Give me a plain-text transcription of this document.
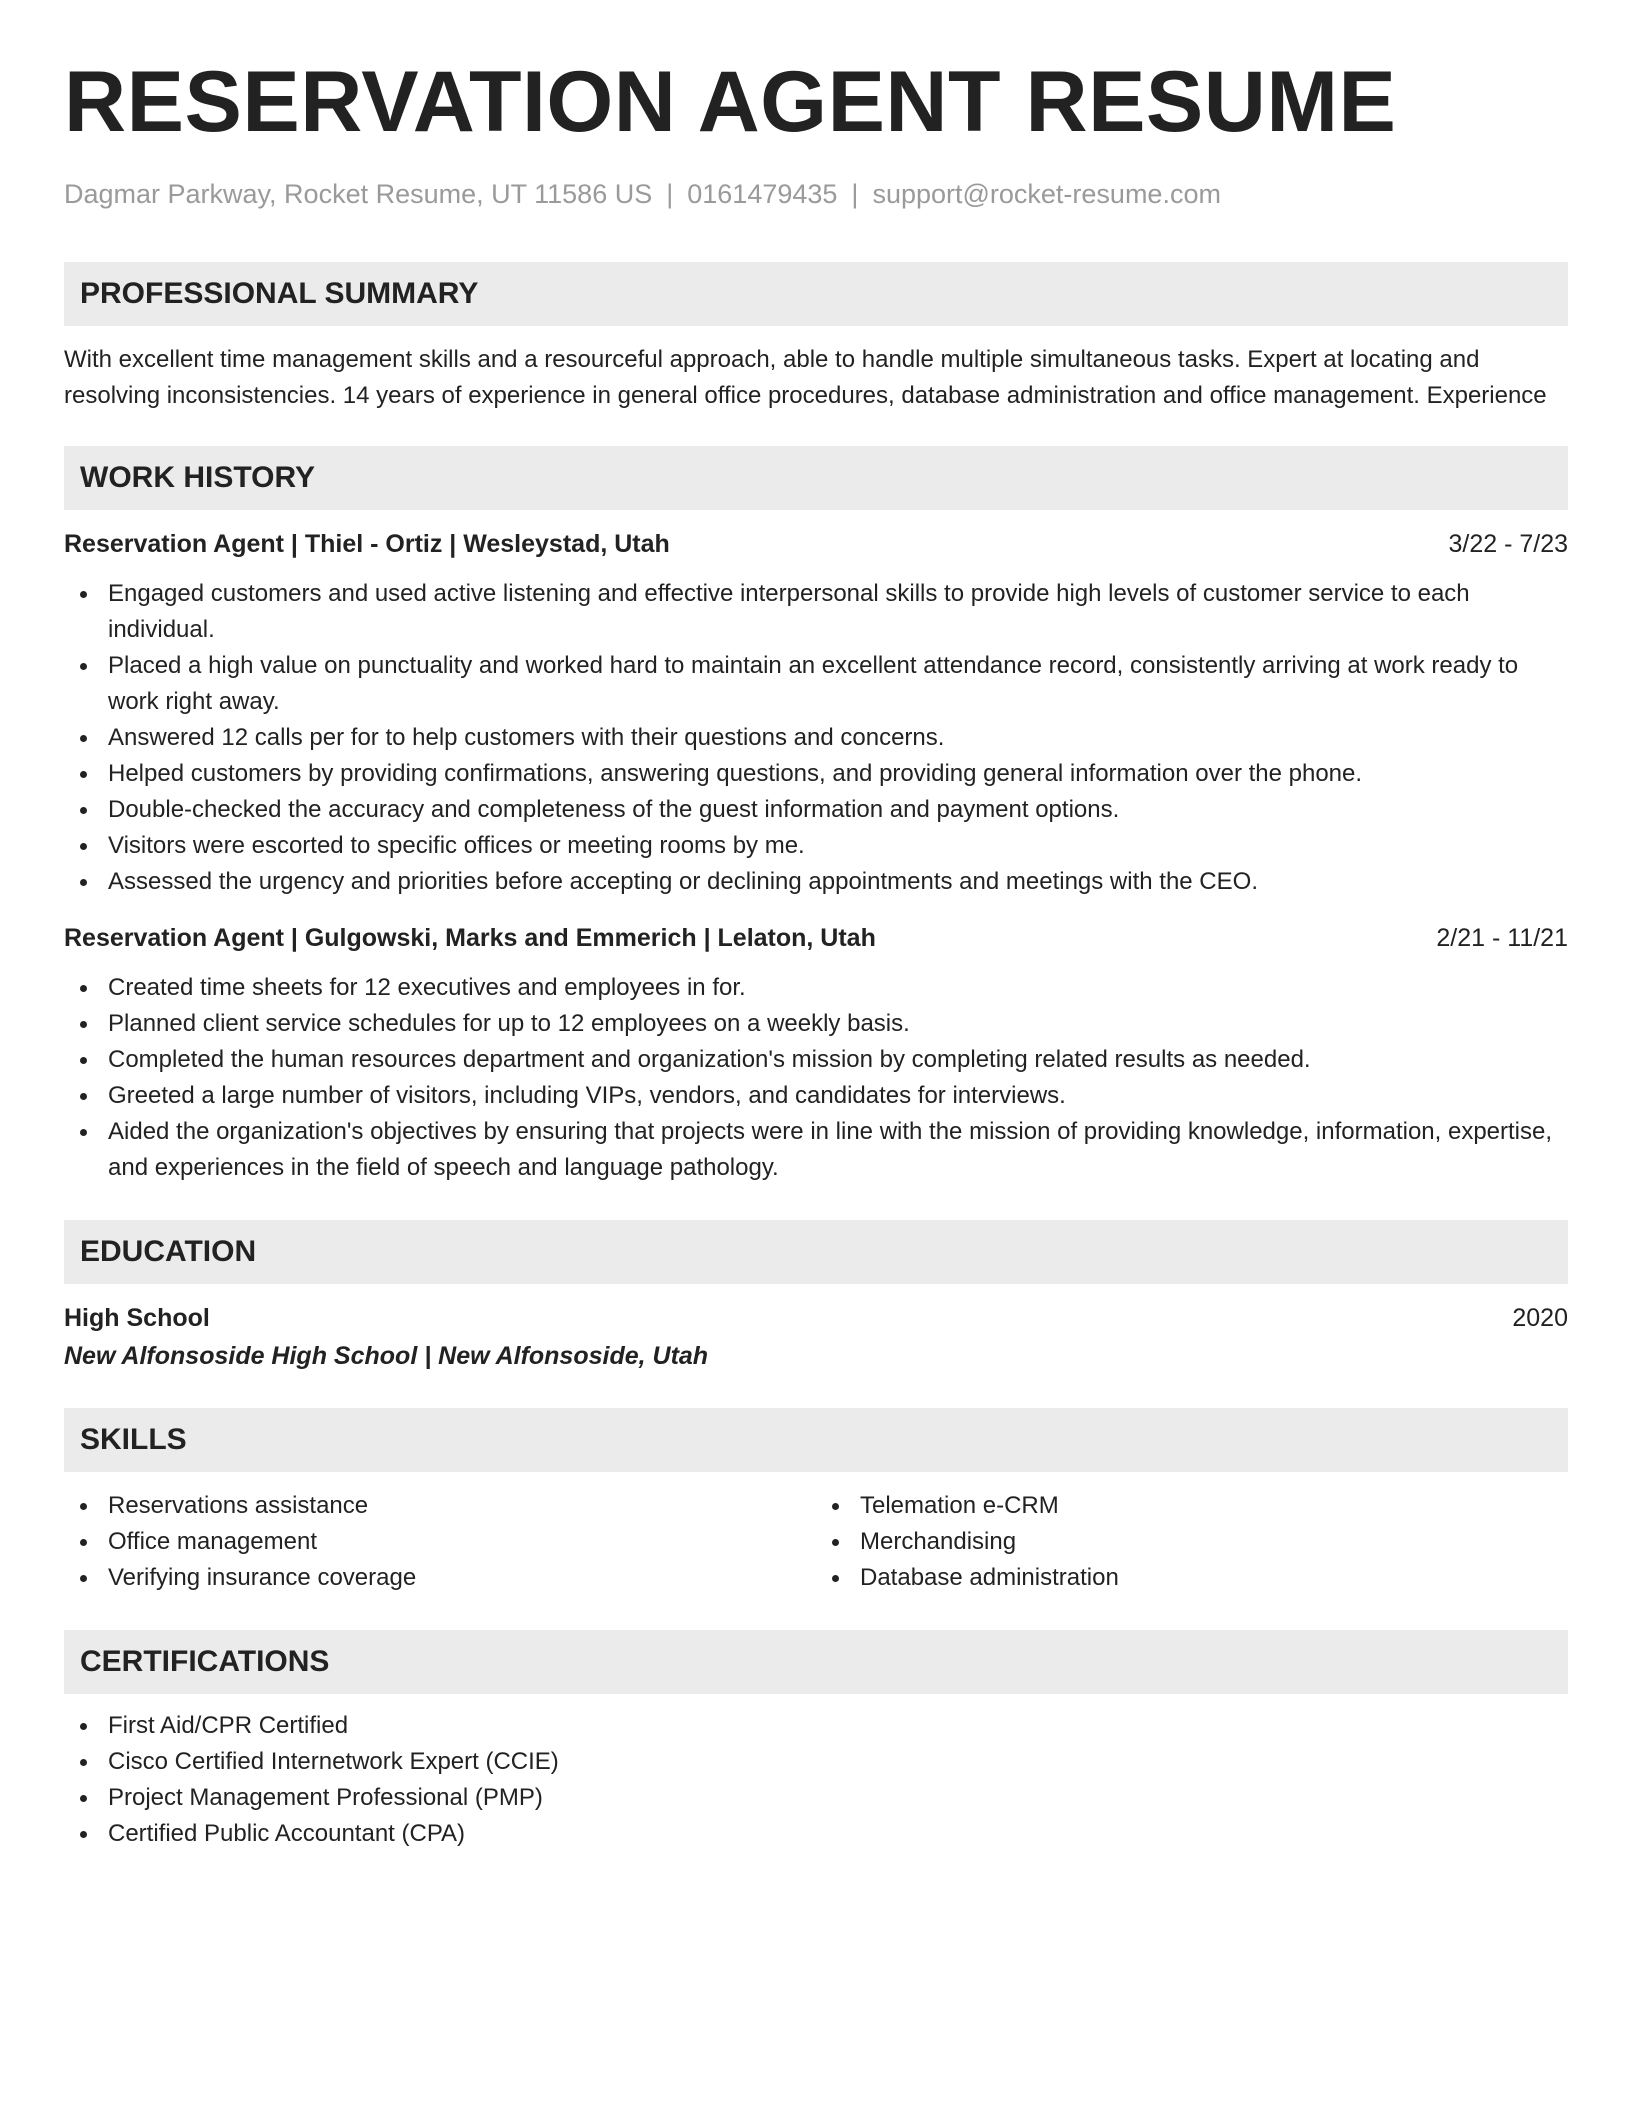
RESERVATION AGENT RESUME
Dagmar Parkway, Rocket Resume, UT 11586 US | 0161479435 | support@rocket-resume.com
PROFESSIONAL SUMMARY

With excellent time management skills and a resourceful approach, able to handle multiple simultaneous tasks. Expert at locating and resolving inconsistencies. 14 years of experience in general office procedures, database administration and office management. Experience

WORK HISTORY
Reservation Agent | Thiel - Ortiz | Wesleystad, Utah	3/22 - 7/23
Engaged customers and used active listening and effective interpersonal skills to provide high levels of customer service to each individual.
Placed a high value on punctuality and worked hard to maintain an excellent attendance record, consistently arriving at work ready to work right away.
Answered 12 calls per for to help customers with their questions and concerns.
Helped customers by providing confirmations, answering questions, and providing general information over the phone.
Double-checked the accuracy and completeness of the guest information and payment options.
Visitors were escorted to specific offices or meeting rooms by me.
Assessed the urgency and priorities before accepting or declining appointments and meetings with the CEO.
Reservation Agent | Gulgowski, Marks and Emmerich | Lelaton, Utah	2/21 - 11/21
Created time sheets for 12 executives and employees in for.
Planned client service schedules for up to 12 employees on a weekly basis.
Completed the human resources department and organization's mission by completing related results as needed.
Greeted a large number of visitors, including VIPs, vendors, and candidates for interviews.
Aided the organization's objectives by ensuring that projects were in line with the mission of providing knowledge, information, expertise, and experiences in the field of speech and language pathology.
EDUCATION
High School	2020
New Alfonsoside High School | New Alfonsoside, Utah
SKILLS
Reservations assistance
Office management
Verifying insurance coverage
Telemation e-CRM
Merchandising
Database administration
CERTIFICATIONS
First Aid/CPR Certified
Cisco Certified Internetwork Expert (CCIE)
Project Management Professional (PMP)
Certified Public Accountant (CPA)
